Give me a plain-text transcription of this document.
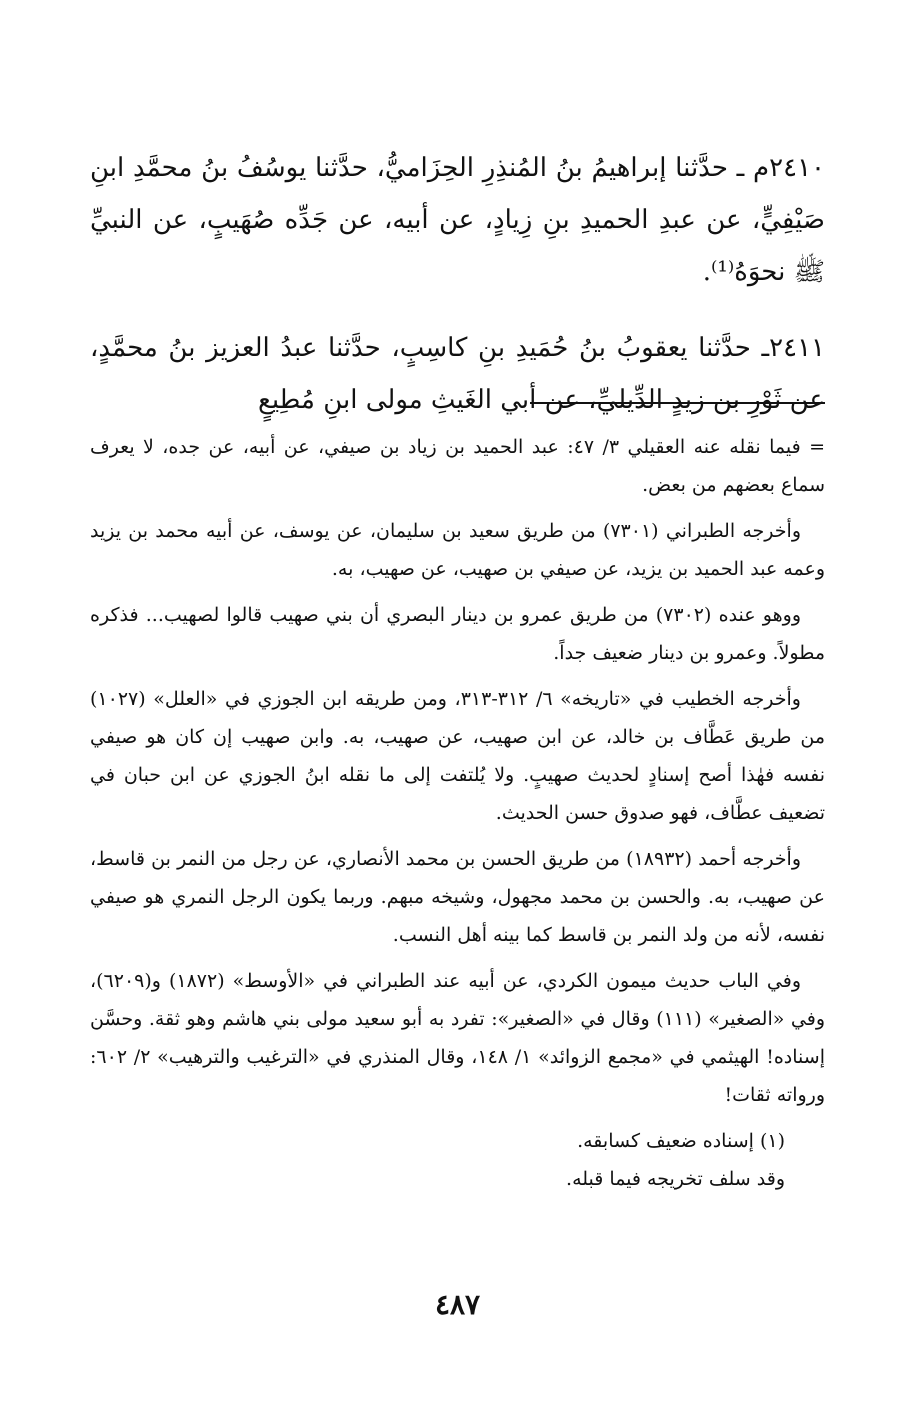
٢٤١٠م ـ حدَّثنا إبراهيمُ بنُ المُنذِرِ الحِزَاميُّ، حدَّثنا يوسُفُ بنُ محمَّدِ ابنِ صَيْفِيٍّ، عن عبدِ الحميدِ بنِ زِيادٍ، عن أبيه، عن جَدِّه صُهَيبٍ، عن النبيِّ ﷺ نحوَهُ⁽¹⁾.

٢٤١١ـ حدَّثنا يعقوبُ بنُ حُمَيدِ بنِ كاسِبٍ، حدَّثنا عبدُ العزيز بنُ محمَّدٍ، عن ثَوْرِ بن زيدٍ الدِّيليِّ، عن أبي الغَيثِ مولى ابنِ مُطِيعٍ

= فيما نقله عنه العقيلي ٣/ ٤٧: عبد الحميد بن زياد بن صيفي، عن أبيه، عن جده، لا يعرف سماع بعضهم من بعض.

وأخرجه الطبراني (٧٣٠١) من طريق سعيد بن سليمان، عن يوسف، عن أبيه محمد بن يزيد وعمه عبد الحميد بن يزيد، عن صيفي بن صهيب، عن صهيب، به.

ووهو عنده (٧٣٠٢) من طريق عمرو بن دينار البصري أن بني صهيب قالوا لصهيب... فذكره مطولاً. وعمرو بن دينار ضعيف جداً.

وأخرجه الخطيب في «تاريخه» ٦/ ٣١٢-٣١٣، ومن طريقه ابن الجوزي في «العلل» (١٠٢٧) من طريق عَطَّاف بن خالد، عن ابن صهيب، عن صهيب، به. وابن صهيب إن كان هو صيفي نفسه فهٰذا أصح إسنادٍ لحديث صهيبٍ. ولا يُلتفت إلى ما نقله ابنُ الجوزي عن ابن حبان في تضعيف عطَّاف، فهو صدوق حسن الحديث.

وأخرجه أحمد (١٨٩٣٢) من طريق الحسن بن محمد الأنصاري، عن رجل من النمر بن قاسط، عن صهيب، به. والحسن بن محمد مجهول، وشيخه مبهم. وربما يكون الرجل النمري هو صيفي نفسه، لأنه من ولد النمر بن قاسط كما بينه أهل النسب.

وفي الباب حديث ميمون الكردي، عن أبيه عند الطبراني في «الأوسط» (١٨٧٢) و(٦٢٠٩)، وفي «الصغير» (١١١) وقال في «الصغير»: تفرد به أبو سعيد مولى بني هاشم وهو ثقة. وحسَّن إسناده! الهيثمي في «مجمع الزوائد» ١/ ١٤٨، وقال المنذري في «الترغيب والترهيب» ٢/ ٦٠٢: ورواته ثقات!

(١) إسناده ضعيف كسابقه.

وقد سلف تخريجه فيما قبله.

٤٨٧
